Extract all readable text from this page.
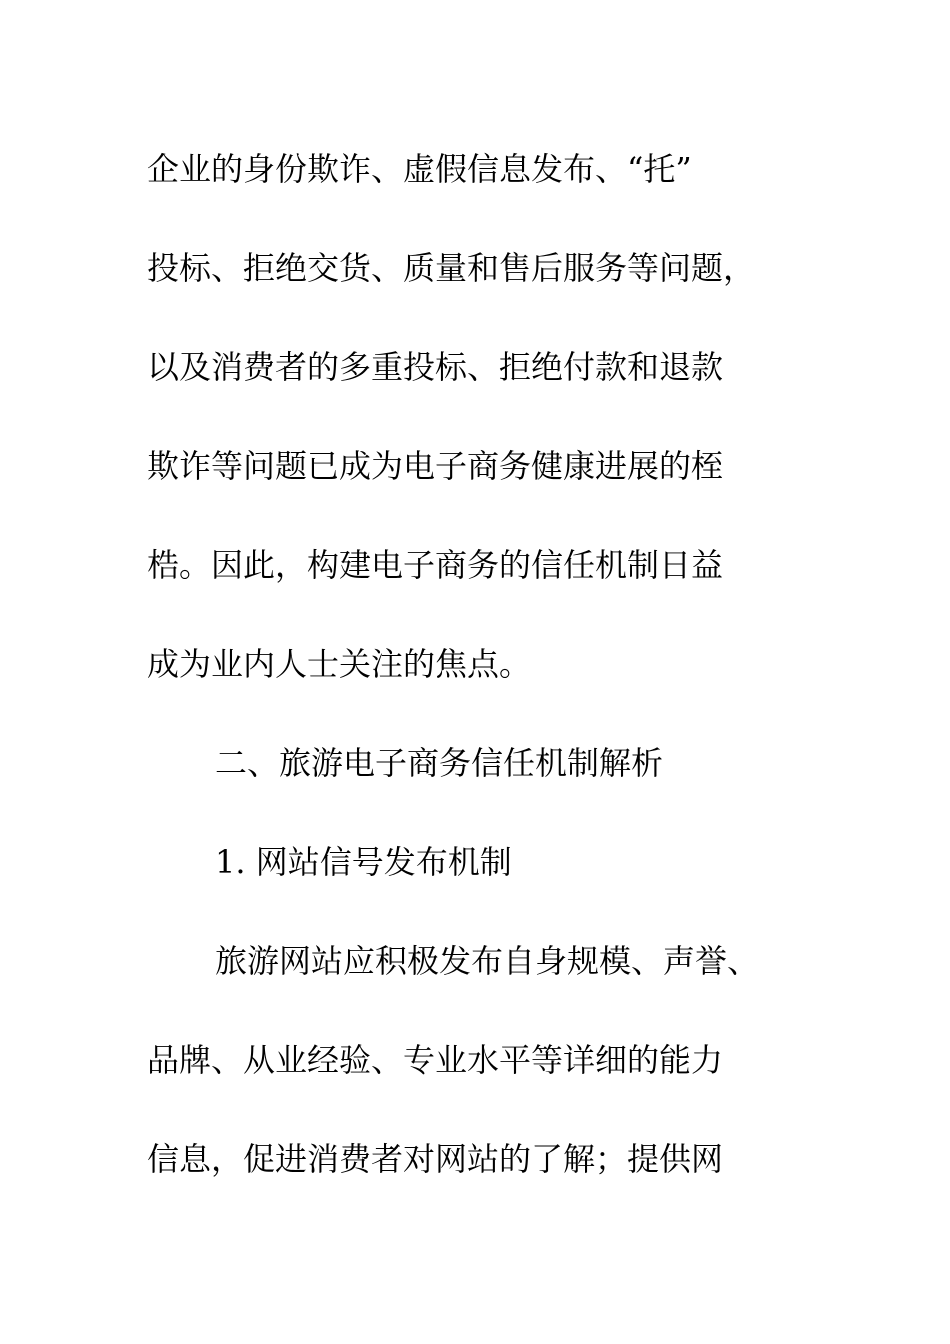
企业的身份欺诈、虚假信息发布、“托”
投标、拒绝交货、质量和售后服务等问题，
以及消费者的多重投标、拒绝付款和退款
欺诈等问题已成为电子商务健康进展的桎
梏。因此，构建电子商务的信任机制日益
成为业内人士关注的焦点。
二、旅游电子商务信任机制解析
1. 网站信号发布机制
旅游网站应积极发布自身规模、声誉、
品牌、从业经验、专业水平等详细的能力
信息，促进消费者对网站的了解；提供网
